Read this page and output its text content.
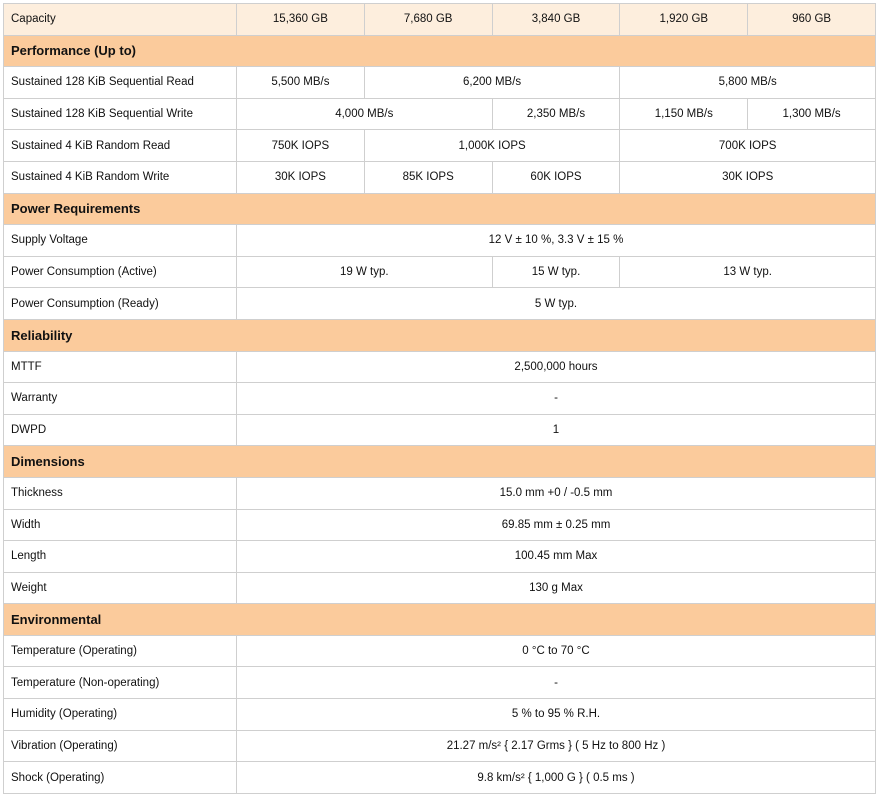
Capacity	15,360 GB	7,680 GB	3,840 GB	1,920 GB	960 GB
Performance (Up to)					
Sustained 128 KiB Sequential Read	5,500 MB/s	6,200 MB/s		5,800 MB/s	
Sustained 128 KiB Sequential Write	4,000 MB/s		2,350 MB/s	1,150 MB/s	1,300 MB/s
Sustained 4 KiB Random Read	750K IOPS	1,000K IOPS		700K IOPS	
Sustained 4 KiB Random Write	30K IOPS	85K IOPS	60K IOPS	30K IOPS	
Power Requirements					
Supply Voltage	12 V ± 10 %, 3.3 V ± 15 %				
Power Consumption (Active)	19 W typ.		15 W typ.	13 W typ.	
Power Consumption (Ready)	5 W typ.				
Reliability					
MTTF	2,500,000 hours				
Warranty	-				
DWPD	1				
Dimensions					
Thickness	15.0 mm +0 / -0.5 mm				
Width	69.85 mm ± 0.25 mm				
Length	100.45 mm Max				
Weight	130 g Max				
Environmental					
Temperature (Operating)	0 °C to 70 °C				
Temperature (Non-operating)	-				
Humidity (Operating)	5 % to 95 % R.H.				
Vibration (Operating)	21.27 m/s² { 2.17 Grms } ( 5 Hz to 800 Hz )				
Shock (Operating)	9.8 km/s² { 1,000 G } ( 0.5 ms )				
